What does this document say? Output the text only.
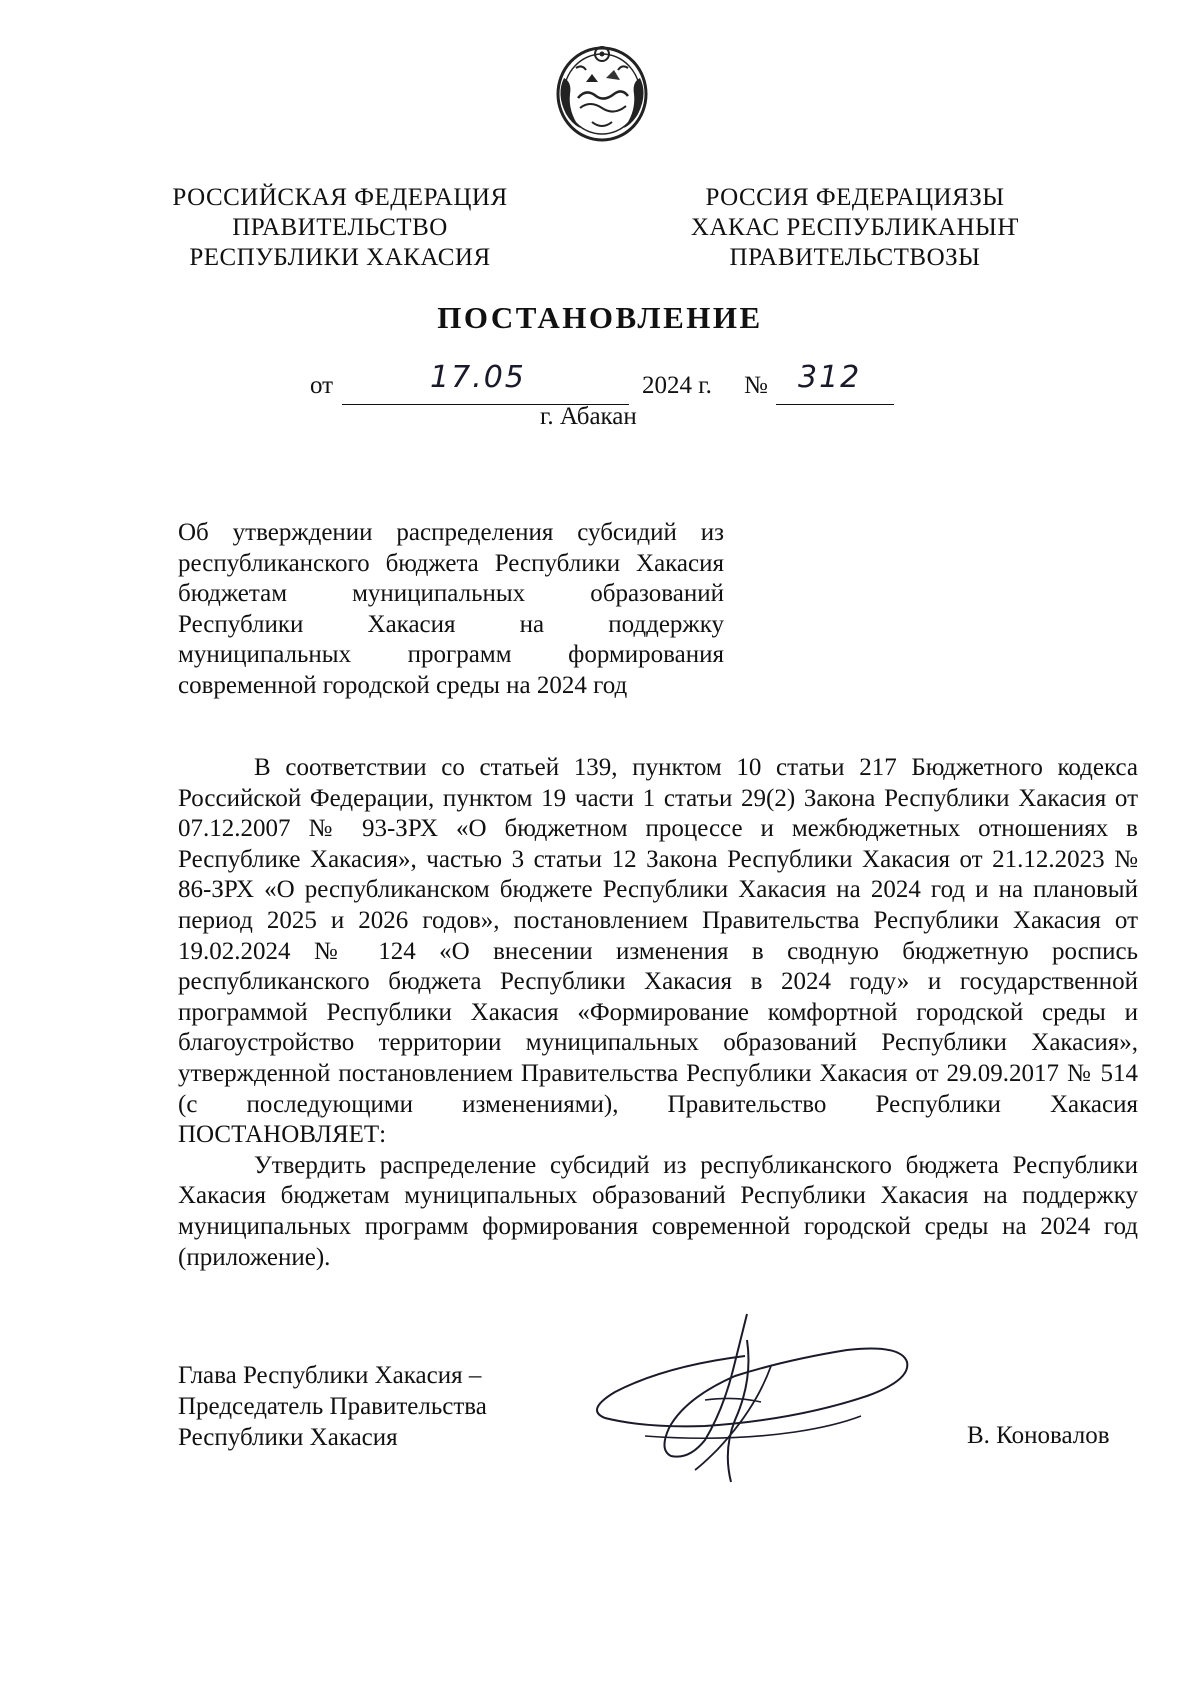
РОССИЙСКАЯ ФЕДЕРАЦИЯ
ПРАВИТЕЛЬСТВО
РЕСПУБЛИКИ ХАКАСИЯ
РОССИЯ ФЕДЕРАЦИЯЗЫ
ХАКАС РЕСПУБЛИКАНЫҤ
ПРАВИТЕЛЬСТВОЗЫ
ПОСТАНОВЛЕНИЕ
от	17.05	2024 г. № 312
г. Абакан
Об утверждении распределения субсидий из республиканского бюджета Республики Хакасия бюджетам муниципальных образований Республики Хакасия на поддержку муниципальных программ формирования современной городской среды на 2024 год

В соответствии со статьей 139, пунктом 10 статьи 217 Бюджетного кодекса Российской Федерации, пунктом 19 части 1 статьи 29(2) Закона Республики Хакасия от 07.12.2007 № 93-ЗРХ «О бюджетном процессе и межбюджетных отношениях в Республике Хакасия», частью 3 статьи 12 Закона Республики Хакасия от 21.12.2023 № 86-ЗРХ «О республиканском бюджете Республики Хакасия на 2024 год и на плановый период 2025 и 2026 годов», постановлением Правительства Республики Хакасия от 19.02.2024 № 124 «О внесении изменения в сводную бюджетную роспись республиканского бюджета Республики Хакасия в 2024 году» и государственной программой Республики Хакасия «Формирование комфортной городской среды и благоустройство территории муниципальных образований Республики Хакасия», утвержденной постановлением Правительства Республики Хакасия от 29.09.2017 № 514 (с последующими изменениями), Правительство Республики Хакасия ПОСТАНОВЛЯЕТ:

Утвердить распределение субсидий из республиканского бюджета Республики Хакасия бюджетам муниципальных образований Республики Хакасия на поддержку муниципальных программ формирования современной городской среды на 2024 год (приложение).

Глава Республики Хакасия –
Председатель Правительства
Республики Хакасия	В. Коновалов
